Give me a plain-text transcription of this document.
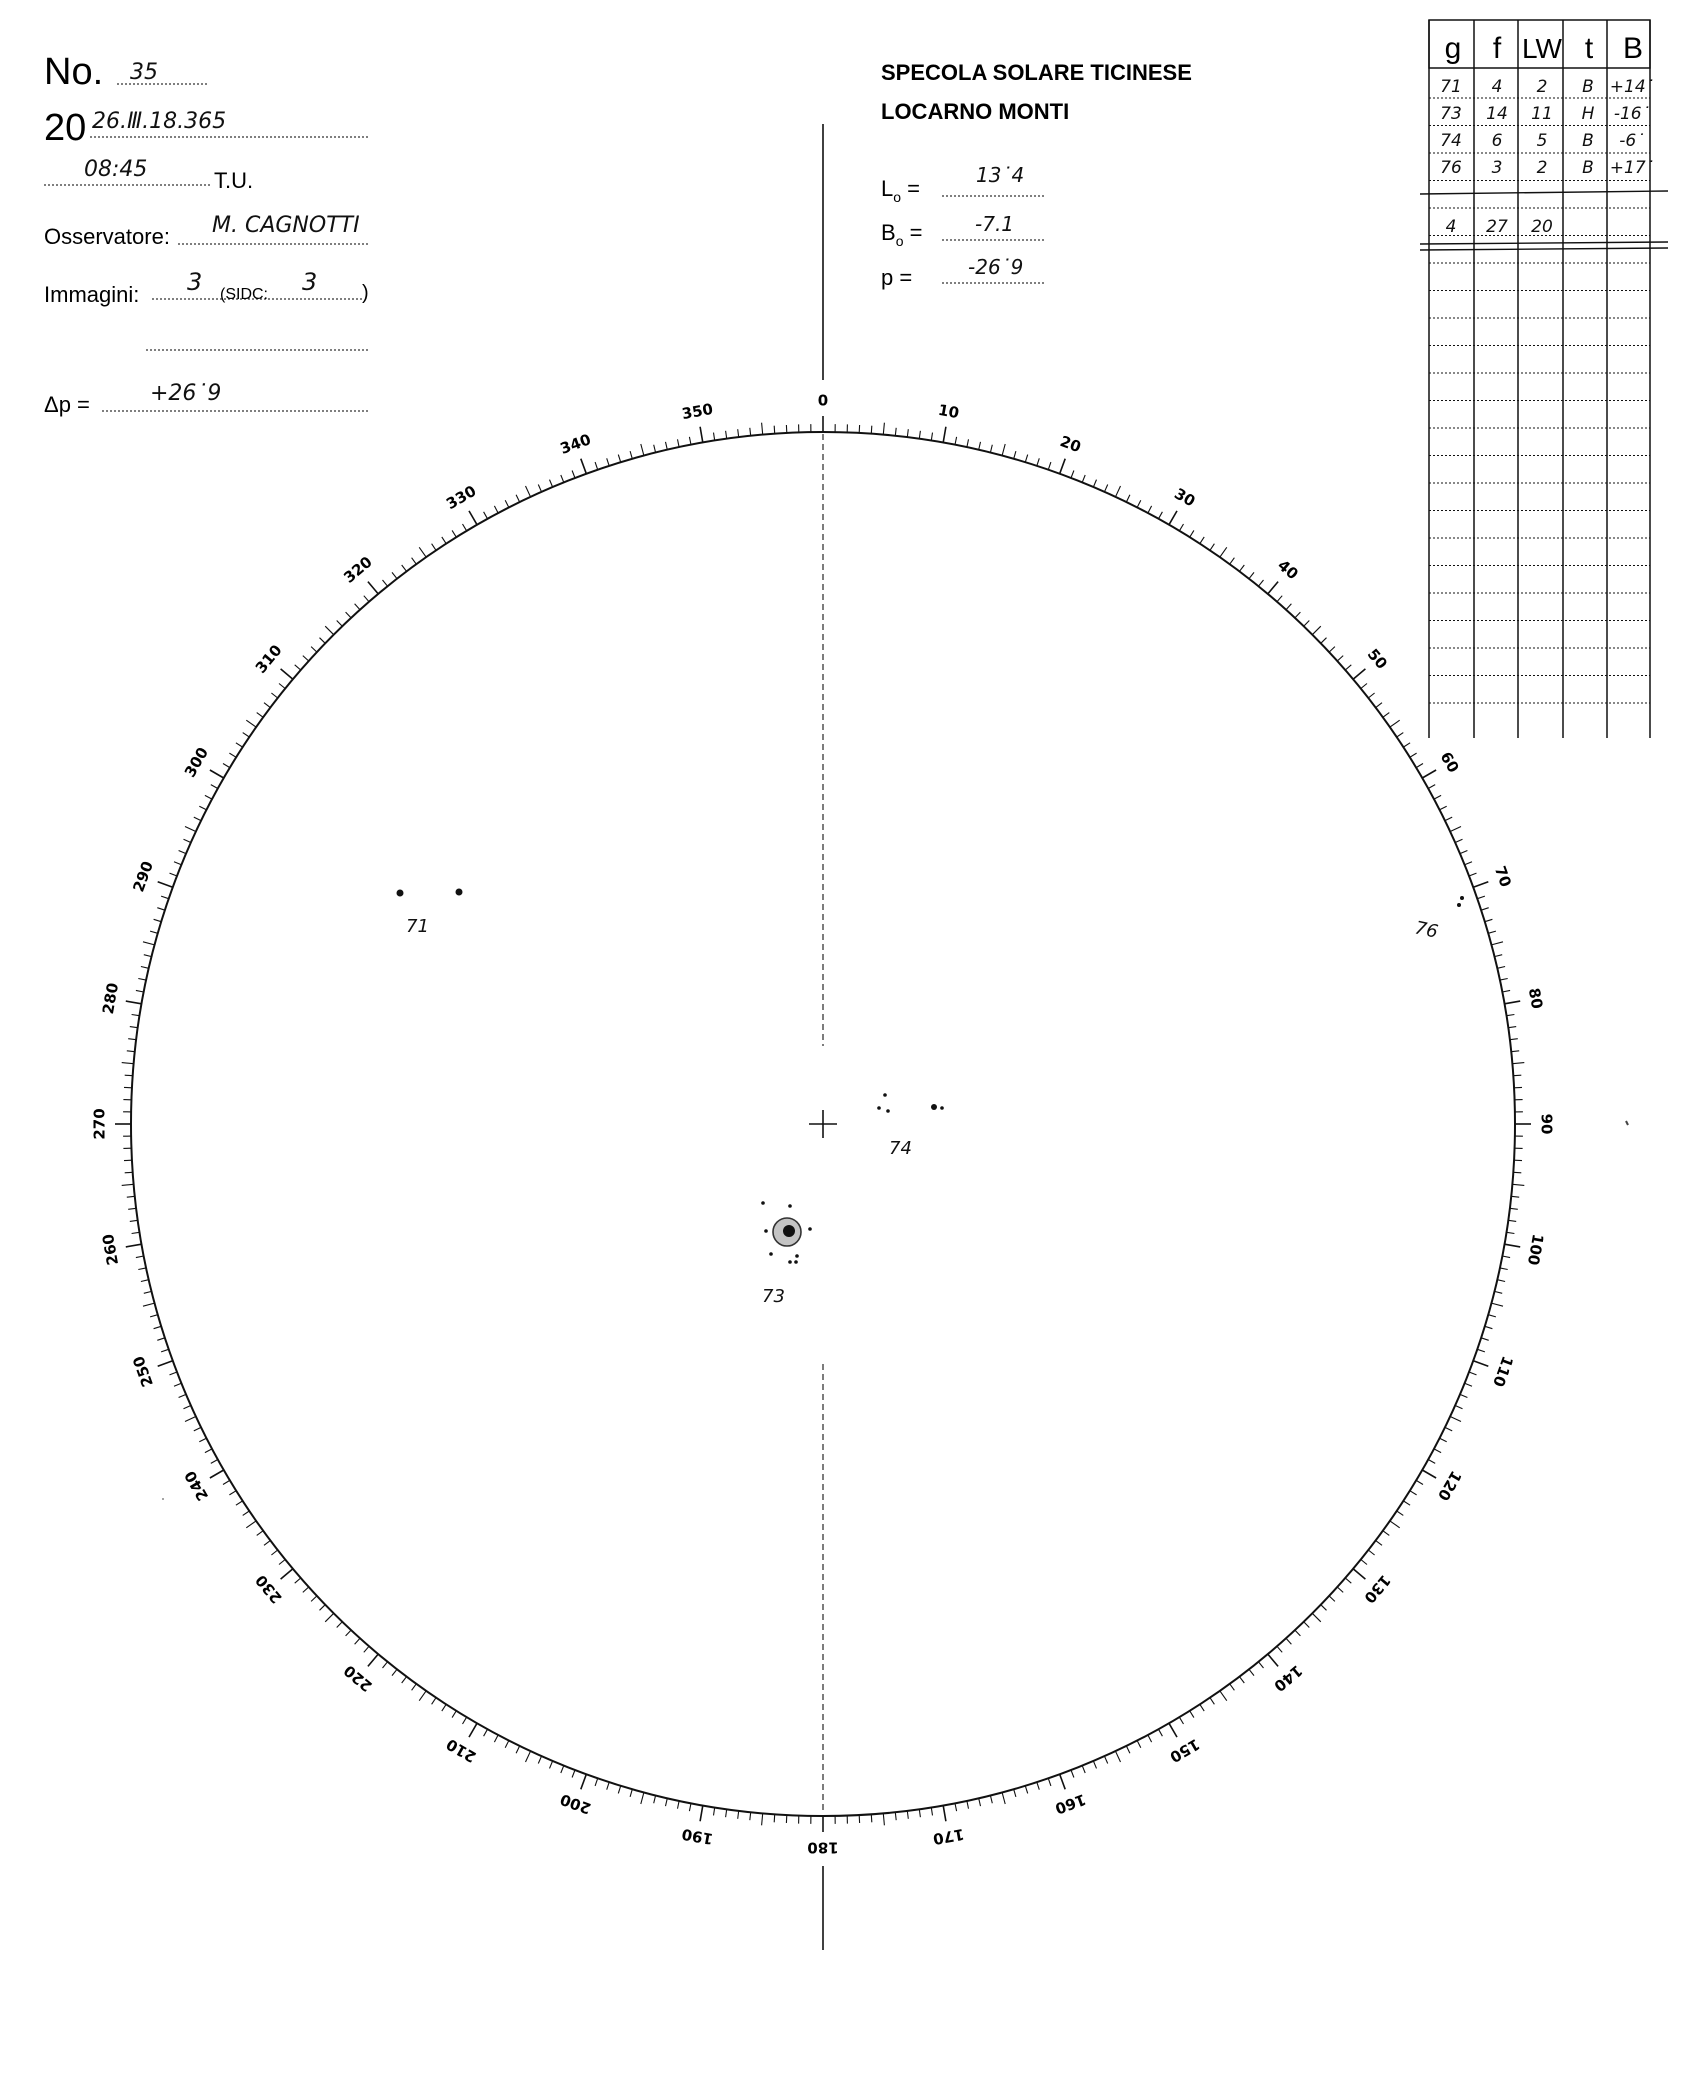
No. 35
20 26.Ⅲ.18.365
08:45	T.U.
Osservatore: M. CAGNOTTI
Immagini: 3 (SIDC: 3 )
Δp =	+26˙9
SPECOLA SOLARE TICINESE
LOCARNO MONTI
$L_o$ =
13˙4
$B_o$ =	-7.1
p =	-26˙9
g f LW t B
71 4 2 B +14˙
73 14 11 H -16˙
74 6 5 B -6˙
76 3 2 B +17˙
4 27 20
0
10
20
30
40
50
60
70
80
90
100
110
120
130
140
150
160
170
180
190
200
210
220
230
240
250
260
270
280
290
300
310
320
330
340
350
71
74
73
76
